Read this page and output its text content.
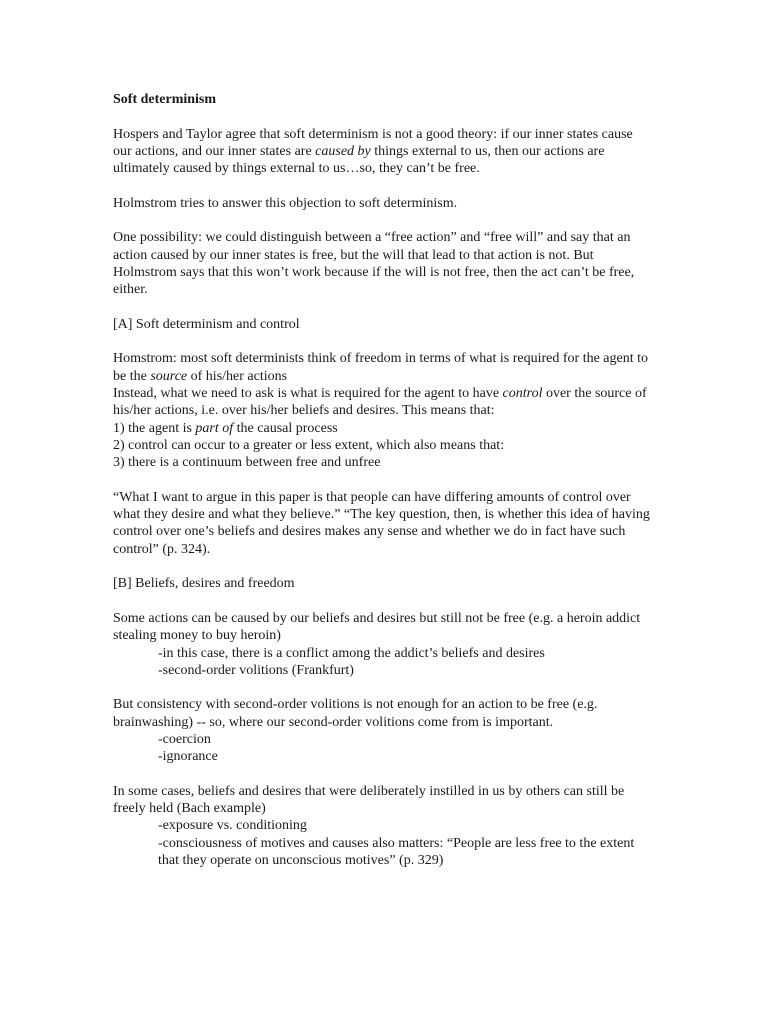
Soft determinism

Hospers and Taylor agree that soft determinism is not a good theory: if our inner states cause our actions, and our inner states are caused by things external to us, then our actions are ultimately caused by things external to us…so, they can’t be free.

Holmstrom tries to answer this objection to soft determinism.

One possibility: we could distinguish between a “free action” and “free will” and say that an action caused by our inner states is free, but the will that lead to that action is not. But Holmstrom says that this won’t work because if the will is not free, then the act can’t be free, either.

[A] Soft determinism and control

Homstrom: most soft determinists think of freedom in terms of what is required for the agent to be the source of his/her actions
Instead, what we need to ask is what is required for the agent to have control over the source of his/her actions, i.e. over his/her beliefs and desires. This means that:
1) the agent is part of the causal process
2) control can occur to a greater or less extent, which also means that:
3) there is a continuum between free and unfree

“What I want to argue in this paper is that people can have differing amounts of control over what they desire and what they believe.” “The key question, then, is whether this idea of having control over one’s beliefs and desires makes any sense and whether we do in fact have such control” (p. 324).

[B] Beliefs, desires and freedom

Some actions can be caused by our beliefs and desires but still not be free (e.g. a heroin addict stealing money to buy heroin)
-in this case, there is a conflict among the addict’s beliefs and desires
-second-order volitions (Frankfurt)

But consistency with second-order volitions is not enough for an action to be free (e.g. brainwashing) -- so, where our second-order volitions come from is important.
-coercion
-ignorance

In some cases, beliefs and desires that were deliberately instilled in us by others can still be freely held (Bach example)
-exposure vs. conditioning
-consciousness of motives and causes also matters: “People are less free to the extent that they operate on unconscious motives” (p. 329)
